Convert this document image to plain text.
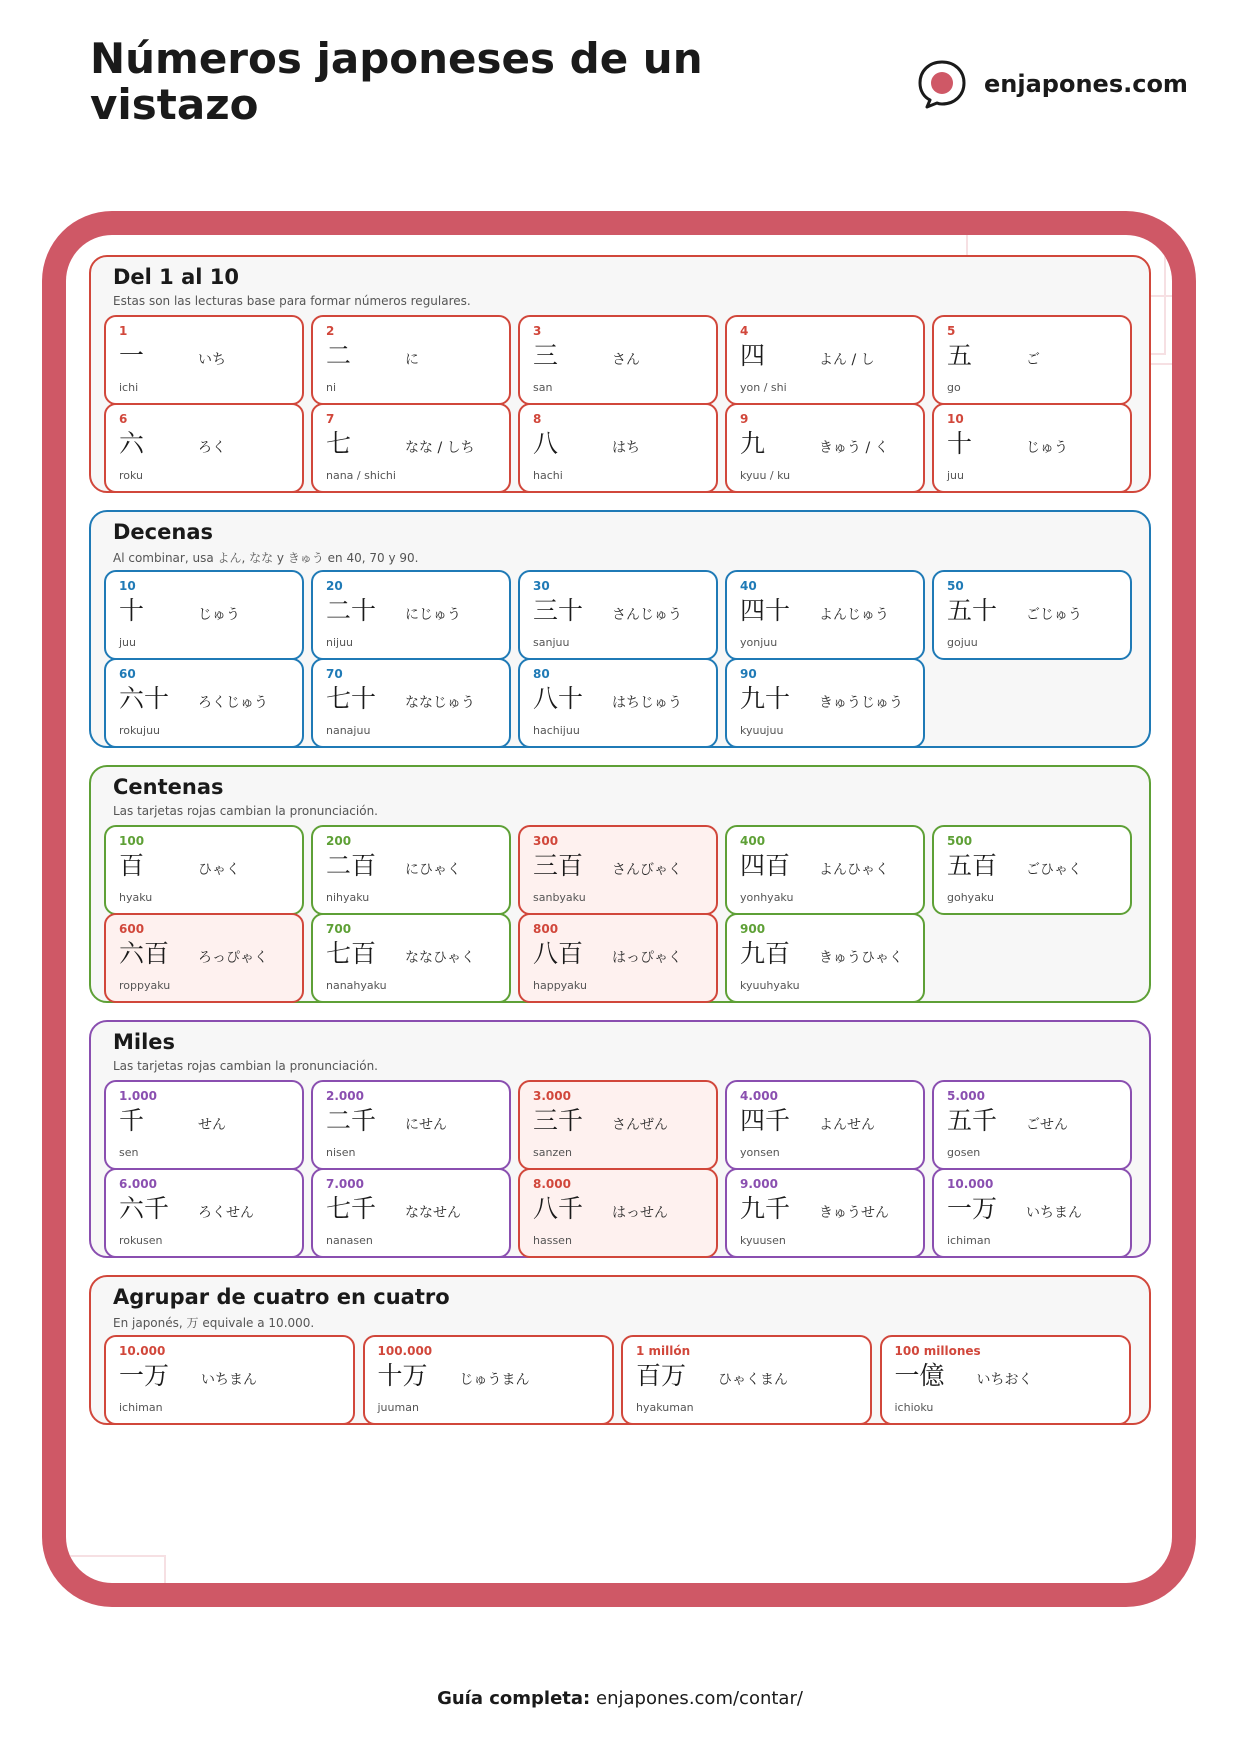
Números japoneses de un vistazo	enjapones.com
Del 1 al 10
Estas son las lecturas base para formar números regulares.
1
一	いち
ichi
2
二	に
ni
3
三	さん
san
4
四	よん / し
yon / shi
5
五	ご
go
6
六	ろく
roku
7
七	なな / しち
nana / shichi
8
八	はち
hachi
9
九	きゅう / く
kyuu / ku
10
十	じゅう
juu
Decenas
Al combinar, usa よん, なな y きゅう en 40, 70 y 90.
10
十	じゅう
juu
20
二十 にじゅう
nijuu
30
三十 さんじゅう
sanjuu
40
四十 よんじゅう
yonjuu
50
五十 ごじゅう
gojuu
60
六十 ろくじゅう
rokujuu
70
七十 ななじゅう
nanajuu
80
八十 はちじゅう
hachijuu
90
九十 きゅうじゅう
kyuujuu
Centenas
Las tarjetas rojas cambian la pronunciación.
100
百	ひゃく
hyaku
200
二百 にひゃく
nihyaku
300
三百 さんびゃく
sanbyaku
400
四百 よんひゃく
yonhyaku
500
五百 ごひゃく
gohyaku
600
六百 ろっぴゃく
roppyaku
700
七百 ななひゃく
nanahyaku
800
八百 はっぴゃく
happyaku
900
九百 きゅうひゃく
kyuuhyaku
Miles
Las tarjetas rojas cambian la pronunciación.
1.000
千	せん
sen
2.000
二千 にせん
nisen
3.000
三千 さんぜん
sanzen
4.000
四千 よんせん
yonsen
5.000
五千 ごせん
gosen
6.000
六千 ろくせん
rokusen
7.000
七千 ななせん
nanasen
8.000
八千 はっせん
hassen
9.000
九千 きゅうせん
kyuusen
10.000
一万 いちまん
ichiman
Agrupar de cuatro en cuatro
En japonés, 万 equivale a 10.000.
10.000
一万 いちまん
ichiman
100.000
十万 じゅうまん
juuman
1 millón
百万 ひゃくまん
hyakuman
100 millones
一億 いちおく
ichioku
Guía completa: enjapones.com/contar/
